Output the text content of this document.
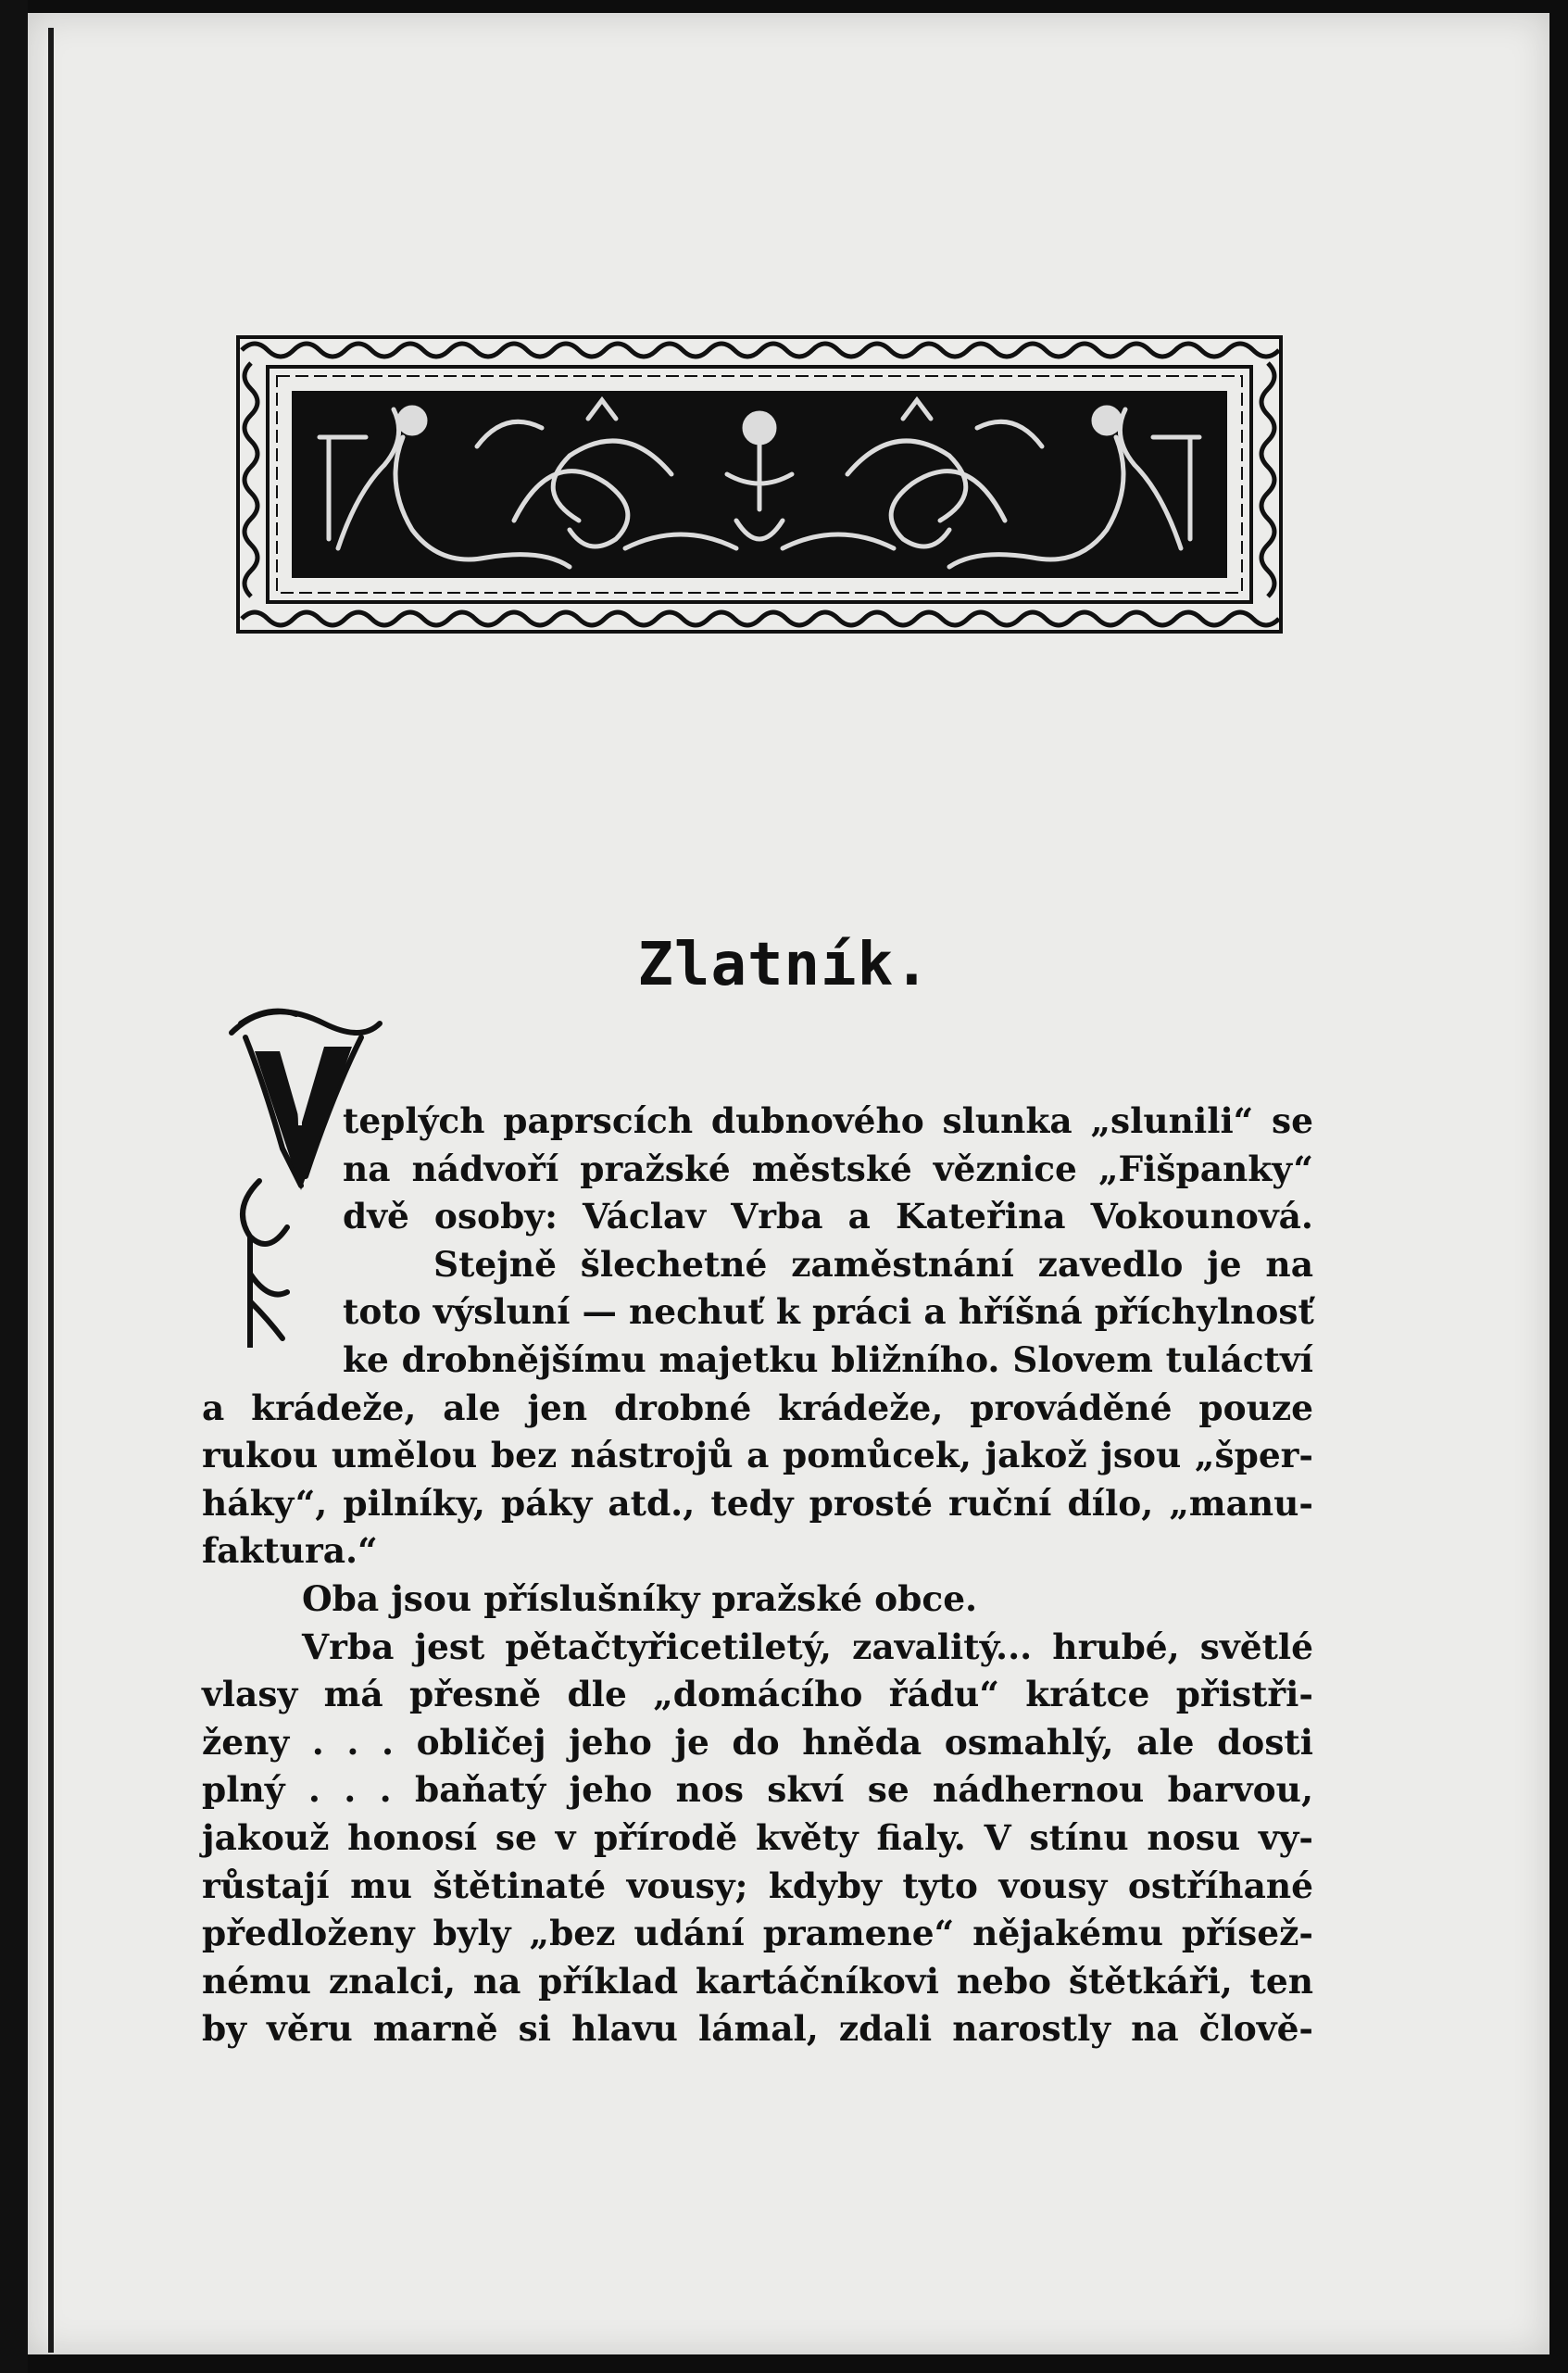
Zlatník.
teplých paprscích dubnového slunka „slunili“ se
na nádvoří pražské městské věznice „Fišpanky“
dvě osoby: Václav Vrba a Kateřina Vokounová.
Stejně šlechetné zaměstnání zavedlo je na
toto výsluní — nechuť k práci a hříšná příchylnosť
ke drobnějšímu majetku bližního. Slovem tuláctví
a krádeže, ale jen drobné krádeže, prováděné pouze
rukou umělou bez nástrojů a pomůcek, jakož jsou „šper-
háky“, pilníky, páky atd., tedy prosté ruční dílo, „manu-
faktura.“
Oba jsou příslušníky pražské obce.
Vrba jest pětačtyřicetiletý, zavalitý... hrubé, světlé
vlasy má přesně dle „domácího řádu“ krátce přistři-
ženy . . . obličej jeho je do hněda osmahlý, ale dosti
plný . . . baňatý jeho nos skví se nádhernou barvou,
jakouž honosí se v přírodě květy fialy. V stínu nosu vy-
růstají mu štětinaté vousy; kdyby tyto vousy ostříhané
předloženy byly „bez udání pramene“ nějakému přísež-
nému znalci, na příklad kartáčníkovi nebo štětkáři, ten
by věru marně si hlavu lámal, zdali narostly na člově-
